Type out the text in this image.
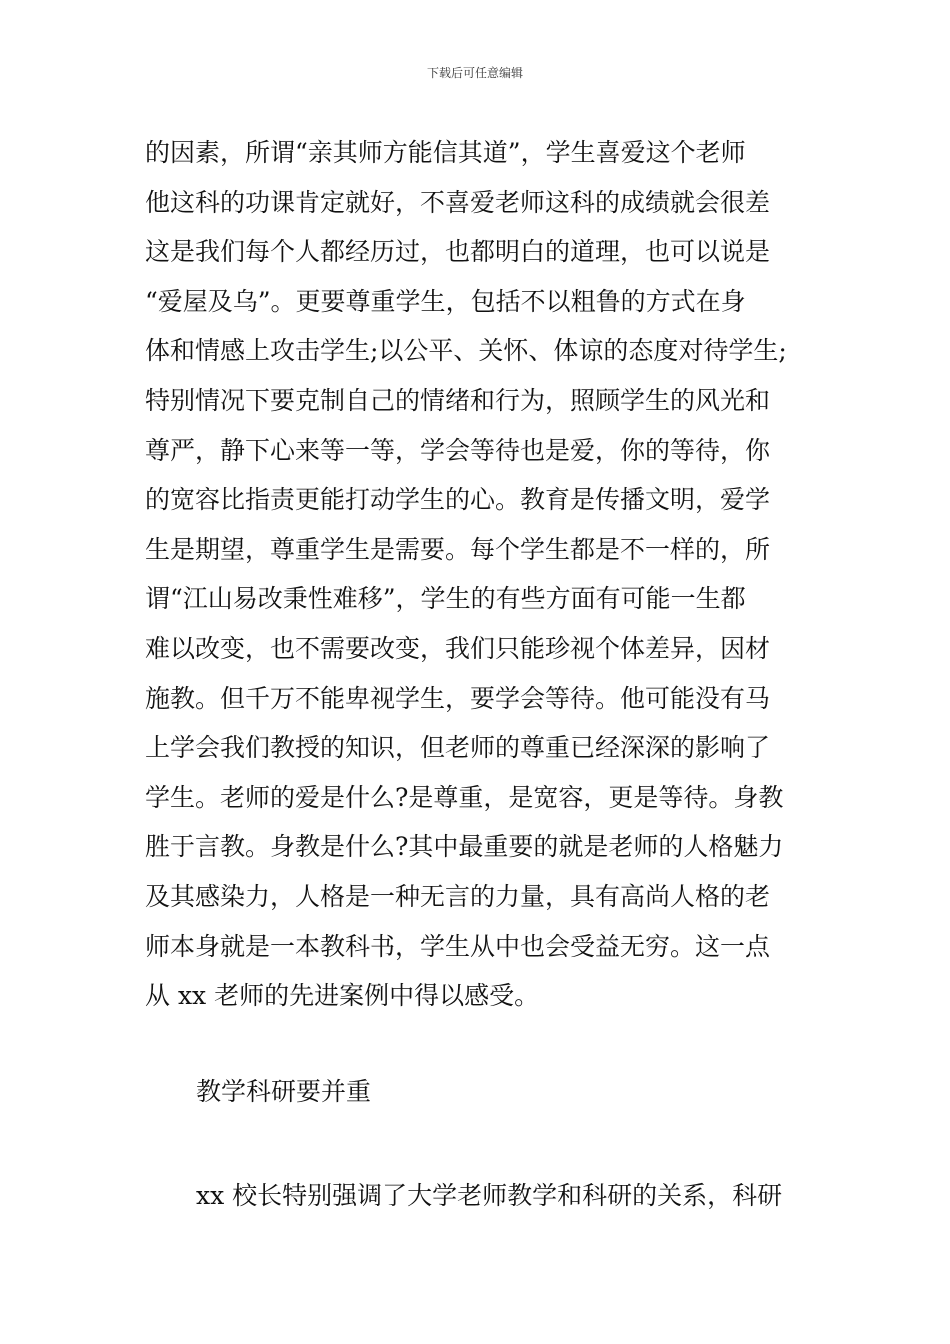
下载后可任意编辑
的因素，所谓“亲其师方能信其道”，学生喜爱这个老师
他这科的功课肯定就好，不喜爱老师这科的成绩就会很差
这是我们每个人都经历过，也都明白的道理，也可以说是
“爱屋及乌”。更要尊重学生，包括不以粗鲁的方式在身
体和情感上攻击学生;以公平、关怀、体谅的态度对待学生;
特别情况下要克制自己的情绪和行为，照顾学生的风光和
尊严，静下心来等一等，学会等待也是爱，你的等待，你
的宽容比指责更能打动学生的心。教育是传播文明，爱学
生是期望，尊重学生是需要。每个学生都是不一样的，所
谓“江山易改秉性难移”，学生的有些方面有可能一生都
难以改变，也不需要改变，我们只能珍视个体差异，因材
施教。但千万不能卑视学生，要学会等待。他可能没有马
上学会我们教授的知识，但老师的尊重已经深深的影响了
学生。老师的爱是什么?是尊重，是宽容，更是等待。身教
胜于言教。身教是什么?其中最重要的就是老师的人格魅力
及其感染力，人格是一种无言的力量，具有高尚人格的老
师本身就是一本教科书，学生从中也会受益无穷。这一点
从 xx 老师的先进案例中得以感受。
教学科研要并重
xx 校长特别强调了大学老师教学和科研的关系，科研
